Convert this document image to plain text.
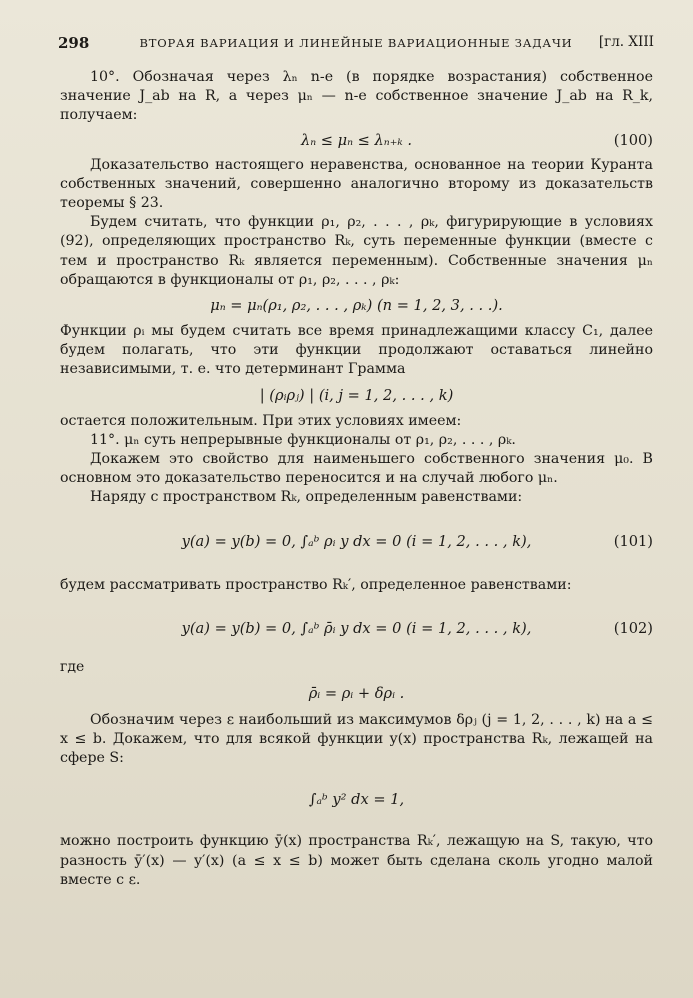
298	ВТОРАЯ ВАРИАЦИЯ И ЛИНЕЙНЫЕ ВАРИАЦИОННЫЕ ЗАДАЧИ	[гл. XIII

10°. Обозначая через λₙ n-е (в порядке возрастания) собственное значение J_ab на R, а через μₙ — n-е собственное значение J_ab на R_k, получаем:

λₙ ≤ μₙ ≤ λₙ₊ₖ .	(100)

Доказательство настоящего неравенства, основанное на теории Куранта собственных значений, совершенно аналогично второму из доказательств теоремы § 23.

Будем считать, что функции ρ₁, ρ₂, . . . , ρₖ, фигурирующие в условиях (92), определяющих пространство Rₖ, суть переменные функции (вместе с тем и пространство Rₖ является переменным). Собственные значения μₙ обращаются в функционалы от ρ₁, ρ₂, . . . , ρₖ:

μₙ = μₙ(ρ₁, ρ₂, . . . , ρₖ) (n = 1, 2, 3, . . .).

Функции ρᵢ мы будем считать все время принадлежащими классу C₁, далее будем полагать, что эти функции продолжают оставаться линейно независимыми, т. е. что детерминант Грамма

| (ρᵢρⱼ) | (i, j = 1, 2, . . . , k)

остается положительным. При этих условиях имеем:

11°. μₙ суть непрерывные функционалы от ρ₁, ρ₂, . . . , ρₖ.

Докажем это свойство для наименьшего собственного значения μ₀. В основном это доказательство переносится и на случай любого μₙ.

Наряду с пространством Rₖ, определенным равенствами:

y(a) = y(b) = 0, ∫ₐᵇ ρᵢ y dx = 0 (i = 1, 2, . . . , k),	(101)

будем рассматривать пространство Rₖ′, определенное равенствами:

y(a) = y(b) = 0, ∫ₐᵇ ρ̄ᵢ y dx = 0 (i = 1, 2, . . . , k),	(102)
где
ρ̄ᵢ = ρᵢ + δρᵢ .

Обозначим через ε наибольший из максимумов δρⱼ (j = 1, 2, . . . , k) на a ≤ x ≤ b. Докажем, что для всякой функции y(x) пространства Rₖ, лежащей на сфере S:

∫ₐᵇ y² dx = 1,

можно построить функцию ȳ(x) пространства Rₖ′, лежащую на S, такую, что разность ȳ′(x) — y′(x) (a ≤ x ≤ b) может быть сделана сколь угодно малой вместе с ε.
